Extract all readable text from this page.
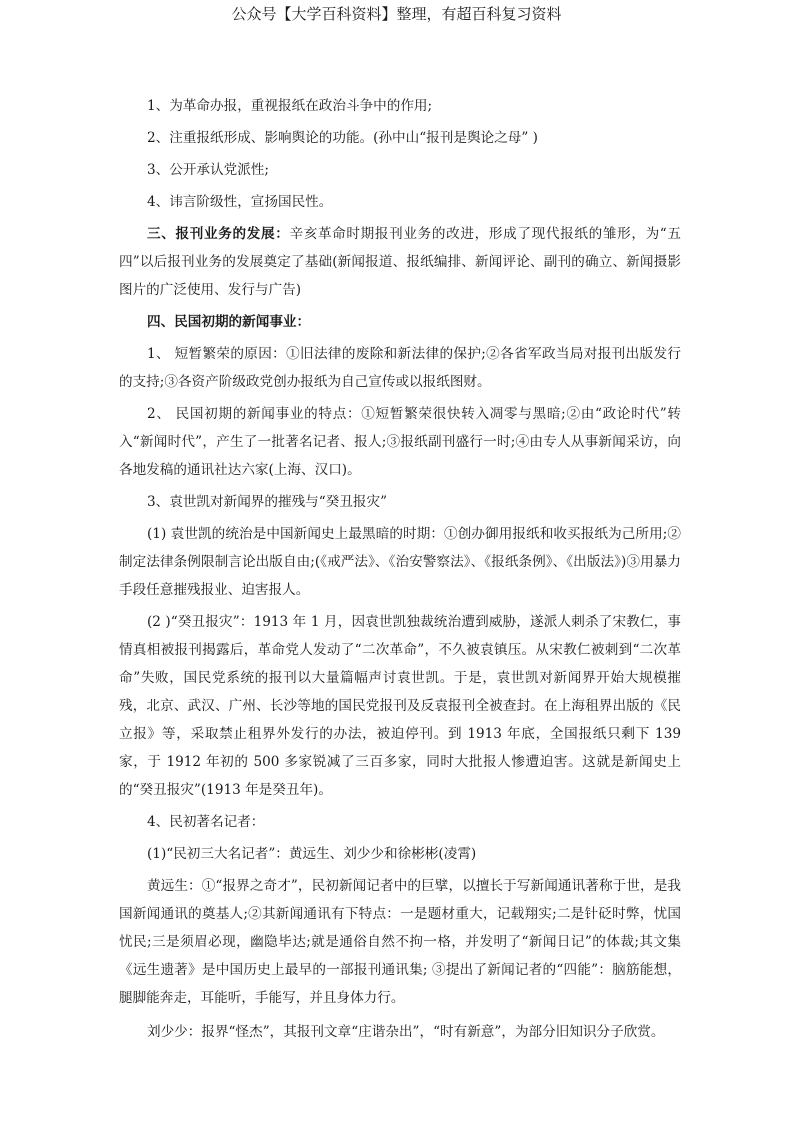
公众号【大学百科资料】整理，有超百科复习资料

1、为革命办报，重视报纸在政治斗争中的作用;

2、注重报纸形成、影响舆论的功能。(孙中山“报刊是舆论之母” )

3、公开承认党派性;

4、讳言阶级性，宣扬国民性。

三、报刊业务的发展：辛亥革命时期报刊业务的改进，形成了现代报纸的雏形，为“五四”以后报刊业务的发展奠定了基础(新闻报道、报纸编排、新闻评论、副刊的确立、新闻摄影图片的广泛使用、发行与广告)

四、民国初期的新闻事业：

1、 短暂繁荣的原因：①旧法律的废除和新法律的保护;②各省军政当局对报刊出版发行的支持;③各资产阶级政党创办报纸为自己宣传或以报纸图财。

2、 民国初期的新闻事业的特点：①短暂繁荣很快转入凋零与黑暗;②由“政论时代”转入“新闻时代”，产生了一批著名记者、报人;③报纸副刊盛行一时;④由专人从事新闻采访，向各地发稿的通讯社达六家(上海、汉口)。

3、袁世凯对新闻界的摧残与“癸丑报灾”

(1) 袁世凯的统治是中国新闻史上最黑暗的时期：①创办御用报纸和收买报纸为己所用;②制定法律条例限制言论出版自由;(《戒严法》、《治安警察法》、《报纸条例》、《出版法》)③用暴力手段任意摧残报业、迫害报人。

(2 )“癸丑报灾”：1913 年 1 月，因袁世凯独裁统治遭到威胁，遂派人刺杀了宋教仁，事情真相被报刊揭露后，革命党人发动了“二次革命”，不久被袁镇压。从宋教仁被刺到“二次革命”失败，国民党系统的报刊以大量篇幅声讨袁世凯。于是，袁世凯对新闻界开始大规模摧残，北京、武汉、广州、长沙等地的国民党报刊及反袁报刊全被查封。在上海租界出版的《民立报》等，采取禁止租界外发行的办法，被迫停刊。到 1913 年底，全国报纸只剩下 139 家，于 1912 年初的 500 多家锐减了三百多家，同时大批报人惨遭迫害。这就是新闻史上的“癸丑报灾”(1913 年是癸丑年)。

4、民初著名记者：

(1)“民初三大名记者”：黄远生、刘少少和徐彬彬(凌霄)

黄远生：①“报界之奇才”，民初新闻记者中的巨擘，以擅长于写新闻通讯著称于世，是我国新闻通讯的奠基人;②其新闻通讯有下特点：一是题材重大，记载翔实;二是针砭时弊，忧国忧民;三是须眉必现，幽隐毕达;就是通俗自然不拘一格，并发明了“新闻日记”的体裁;其文集《远生遗著》是中国历史上最早的一部报刊通讯集; ③提出了新闻记者的“四能”：脑筋能想，腿脚能奔走，耳能听，手能写，并且身体力行。

刘少少：报界“怪杰”，其报刊文章“庄谐杂出”，“时有新意”，为部分旧知识分子欣赏。
